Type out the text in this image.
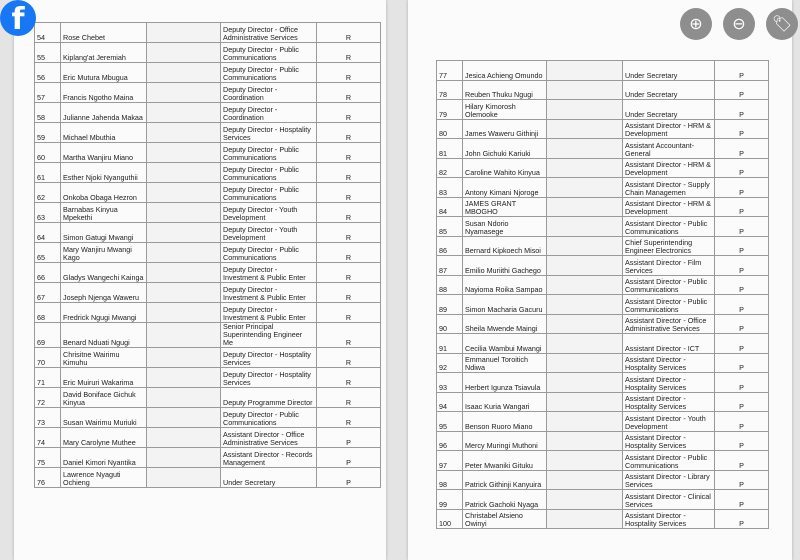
54	Rose Chebet		Deputy Director - Office Administrative Services	R
55	Kiplang'at Jeremiah		Deputy Director - Public Communications	R
56	Eric Mutura Mbugua		Deputy Director - Public Communications	R
57	Francis Ngotho Maina		Deputy Director - Coordination	R
58	Julianne Jahenda Makaa		Deputy Director - Coordination	R
59	Michael Mbuthia		Deputy Director - Hosptality Services	R
60	Martha Wanjiru Miano		Deputy Director - Public Communications	R
61	Esther Njoki Nyanguthii		Deputy Director - Public Communications	R
62	Onkoba Obaga Hezron		Deputy Director - Public Communications	R
63	Barnabas Kinyua Mpekethi		Deputy Director - Youth Development	R
64	Simon Gatugi Mwangi		Deputy Director - Youth Development	R
65	Mary Wanjiru Mwangi Kago		Deputy Director - Public Communications	R
66	Gladys Wangechi Kainga		Deputy Director - Investment & Public Enter	R
67	Joseph Njenga Waweru		Deputy Director - Investment & Public Enter	R
68	Fredrick Ngugi Mwangi		Deputy Director - Investment & Public Enter	R
69	Benard Nduati Ngugi		Senior Principal Superintending Engineer Me	R
70	Chrisitne Wairimu Kimuhu		Deputy Director - Hosptality Services	R
71	Eric Muiruri Wakarima		Deputy Director - Hosptality Services	R
72	David Boniface Gichuk Kinyua		Deputy Programme Director	R
73	Susan Wairimu Muriuki		Deputy Director - Public Communications	R
74	Mary Carolyne Muthee		Assistant Director - Office Administrative Services	P
75	Daniel Kimori Nyantika		Assistant Director - Records Management	P
76	Lawrence Nyaguti Ochieng		Under Secretary	P
77	Jesica Achieng Omundo		Under Secretary	P
78	Reuben Thuku Ngugi		Under Secretary	P
79	Hilary Kimorosh Olemooke		Under Secretary	P
80	James Waweru Githinji		Assistant Director - HRM & Development	P
81	John Gichuki Kariuki		Assistant Accountant-General	P
82	Caroline Wahito Kinyua		Assistant Director - HRM & Development	P
83	Antony Kimani Njoroge		Assistant Director - Supply Chain Managemen	P
84	JAMES GRANT MBOGHO		Assistant Director - HRM & Development	P
85	Susan Ndorio Nyamasege		Assistant Director - Public Communications	P
86	Bernard Kipkoech Misoi		Chief Superintending Engineer Electronics	P
87	Emilio Muriithi Gachego		Assistant Director - Film Services	P
88	Nayioma Roika Sampao		Assistant Director - Public Communications	P
89	Simon Macharia Gacuru		Assistant Director - Public Communications	P
90	Sheila Mwende Maingi		Assistant Director - Office Administrative Services	P
91	Cecilia Wambui Mwangi		Assistant Director - ICT	P
92	Emmanuel Toroitich Ndiwa		Assistant Director - Hosptality Services	P
93	Herbert Igunza Tsiavula		Assistant Director - Hosptality Services	P
94	Isaac Kuria Wangari		Assistant Director - Hosptality Services	P
95	Benson Ruoro Miano		Assistant Director - Youth Development	P
96	Mercy Muringi Muthoni		Assistant Director - Hosptality Services	P
97	Peter Mwaniki Gituku		Assistant Director - Public Communications	P
98	Patrick Githinji Kanyuira		Assistant Director - Library Services	P
99	Patrick Gachoki Nyaga		Assistant Director - Clinical Services	P
100	Christabel Atsieno Owinyi		Assistant Director - Hosptality Services	P
f	⊕	⊖	🏷
